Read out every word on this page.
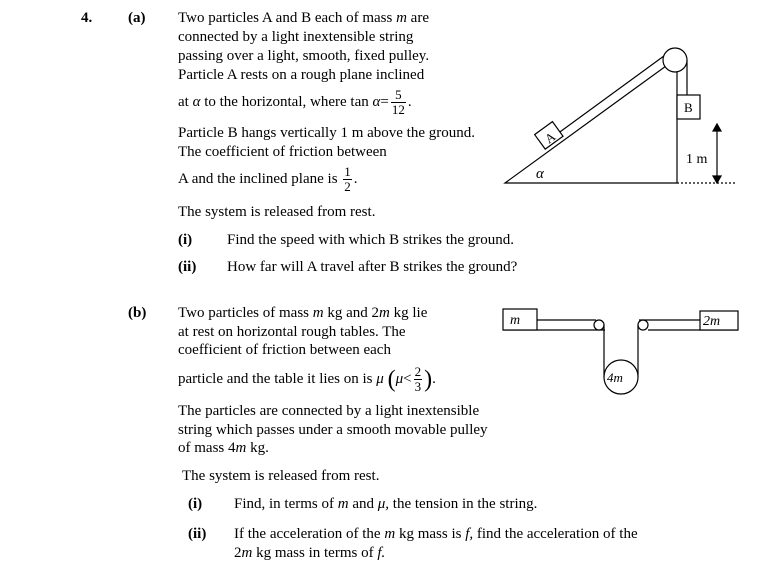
4. (a) Two particles A and B each of mass m are
connected by a light inextensible string
passing over a light, smooth, fixed pulley.
Particle A rests on a rough plane inclined
at α to the horizontal, where $\tan \alpha= \frac{5}{12}$ .
Particle B hangs vertically 1 m above the ground.
The coefficient of friction between
A and the inclined plane is $\frac{1}{2}$ .
The system is released from rest.
(i) Find the speed with which B strikes the ground.
(ii) How far will A travel after B strikes the ground?
(b) Two particles of mass m kg and 2m kg lie
at rest on horizontal rough tables. The
coefficient of friction between each
particle and the table it lies on is μ ($\mu< \frac{2}{3}$ ).
The particles are connected by a light inextensible
string which passes under a smooth movable pulley
of mass 4m kg.
The system is released from rest.
(i) Find, in terms of m and μ, the tension in the string.
(ii) If the acceleration of the m kg mass is f, find the acceleration of the
2m kg mass in terms of f.
A
B
α
1 m
m	2m
4m
